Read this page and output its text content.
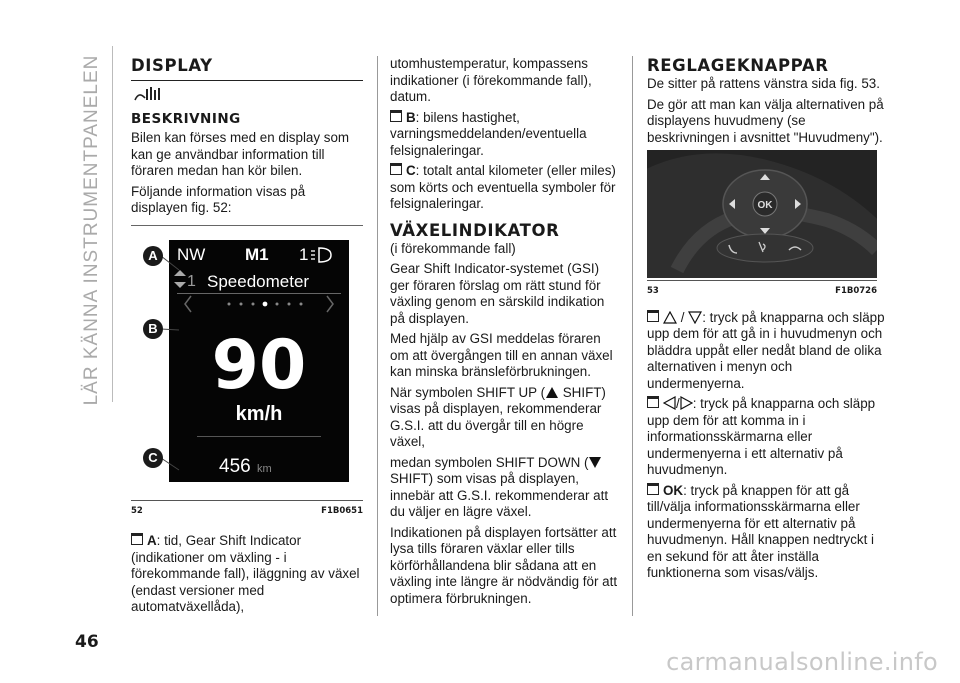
LÄR KÄNNA INSTRUMENTPANELEN DISPLAY
BESKRIVNING

Bilen kan förses med en display som kan ge användbar information till föraren medan han kör bilen.

Följande information visas på displayen fig. 52:

NW M1 1
1 Speedometer
90
km/h
456 km
A
B
C
52	F1B0651

A: tid, Gear Shift Indicator (indikationer om växling - i förekommande fall), iläggning av växel (endast versioner med automatväxellåda),

utomhustemperatur, kompassens indikationer (i förekommande fall), datum.

B: bilens hastighet, varningsmeddelanden/eventuella felsignaleringar.

C: totalt antal kilometer (eller miles) som körts och eventuella symboler för felsignaleringar.

VÄXELINDIKATOR

(i förekommande fall)

Gear Shift Indicator-systemet (GSI) ger föraren förslag om rätt stund för växling genom en särskild indikation på displayen.

Med hjälp av GSI meddelas föraren om att övergången till en annan växel kan minska bränsleförbrukningen.

När symbolen SHIFT UP ( SHIFT) visas på displayen, rekommenderar G.S.I. att du övergår till en högre växel,

medan symbolen SHIFT DOWN ( SHIFT) som visas på displayen, innebär att G.S.I. rekommenderar att du väljer en lägre växel.

Indikationen på displayen fortsätter att lysa tills föraren växlar eller tills körförhållandena blir sådana att en växling inte längre är nödvändig för att optimera förbrukningen.

REGLAGEKNAPPAR

De sitter på rattens vänstra sida fig. 53.

De gör att man kan välja alternativen på displayens huvudmeny (se beskrivningen i avsnittet "Huvudmeny").

OK
53	F1B0726

/ : tryck på knapparna och släpp upp dem för att gå in i huvudmenyn och bläddra uppåt eller nedåt bland de olika alternativen i menyn och undermenyerna.

/ : tryck på knapparna och släpp upp dem för att komma in i informationsskärmarna eller undermenyerna i ett alternativ på huvudmenyn.

OK: tryck på knappen för att gå till/välja informationsskärmarna eller undermenyerna för ett alternativ på huvudmenyn. Håll knappen nedtryckt i en sekund för att åter inställa funktionerna som visas/väljs.

46
carmanualsonline.info
